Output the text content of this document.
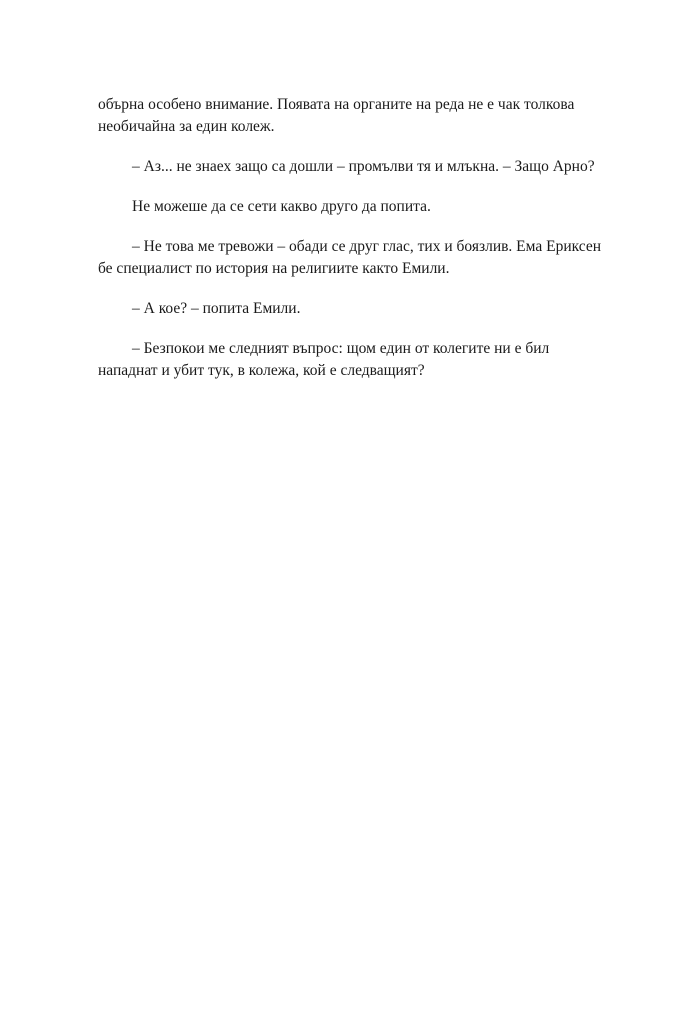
обърна особено внимание. Появата на органите на реда не е чак толкова необичайна за един колеж.

– Аз... не знаех защо са дошли – промълви тя и млъкна. – Защо Арно?

Не можеше да се сети какво друго да попита.

– Не това ме тревожи – обади се друг глас, тих и боязлив. Ема Ериксен бе специалист по история на религиите както Емили.

– А кое? – попита Емили.

– Безпокои ме следният въпрос: щом един от колегите ни е бил нападнат и убит тук, в колежа, кой е следващият?
